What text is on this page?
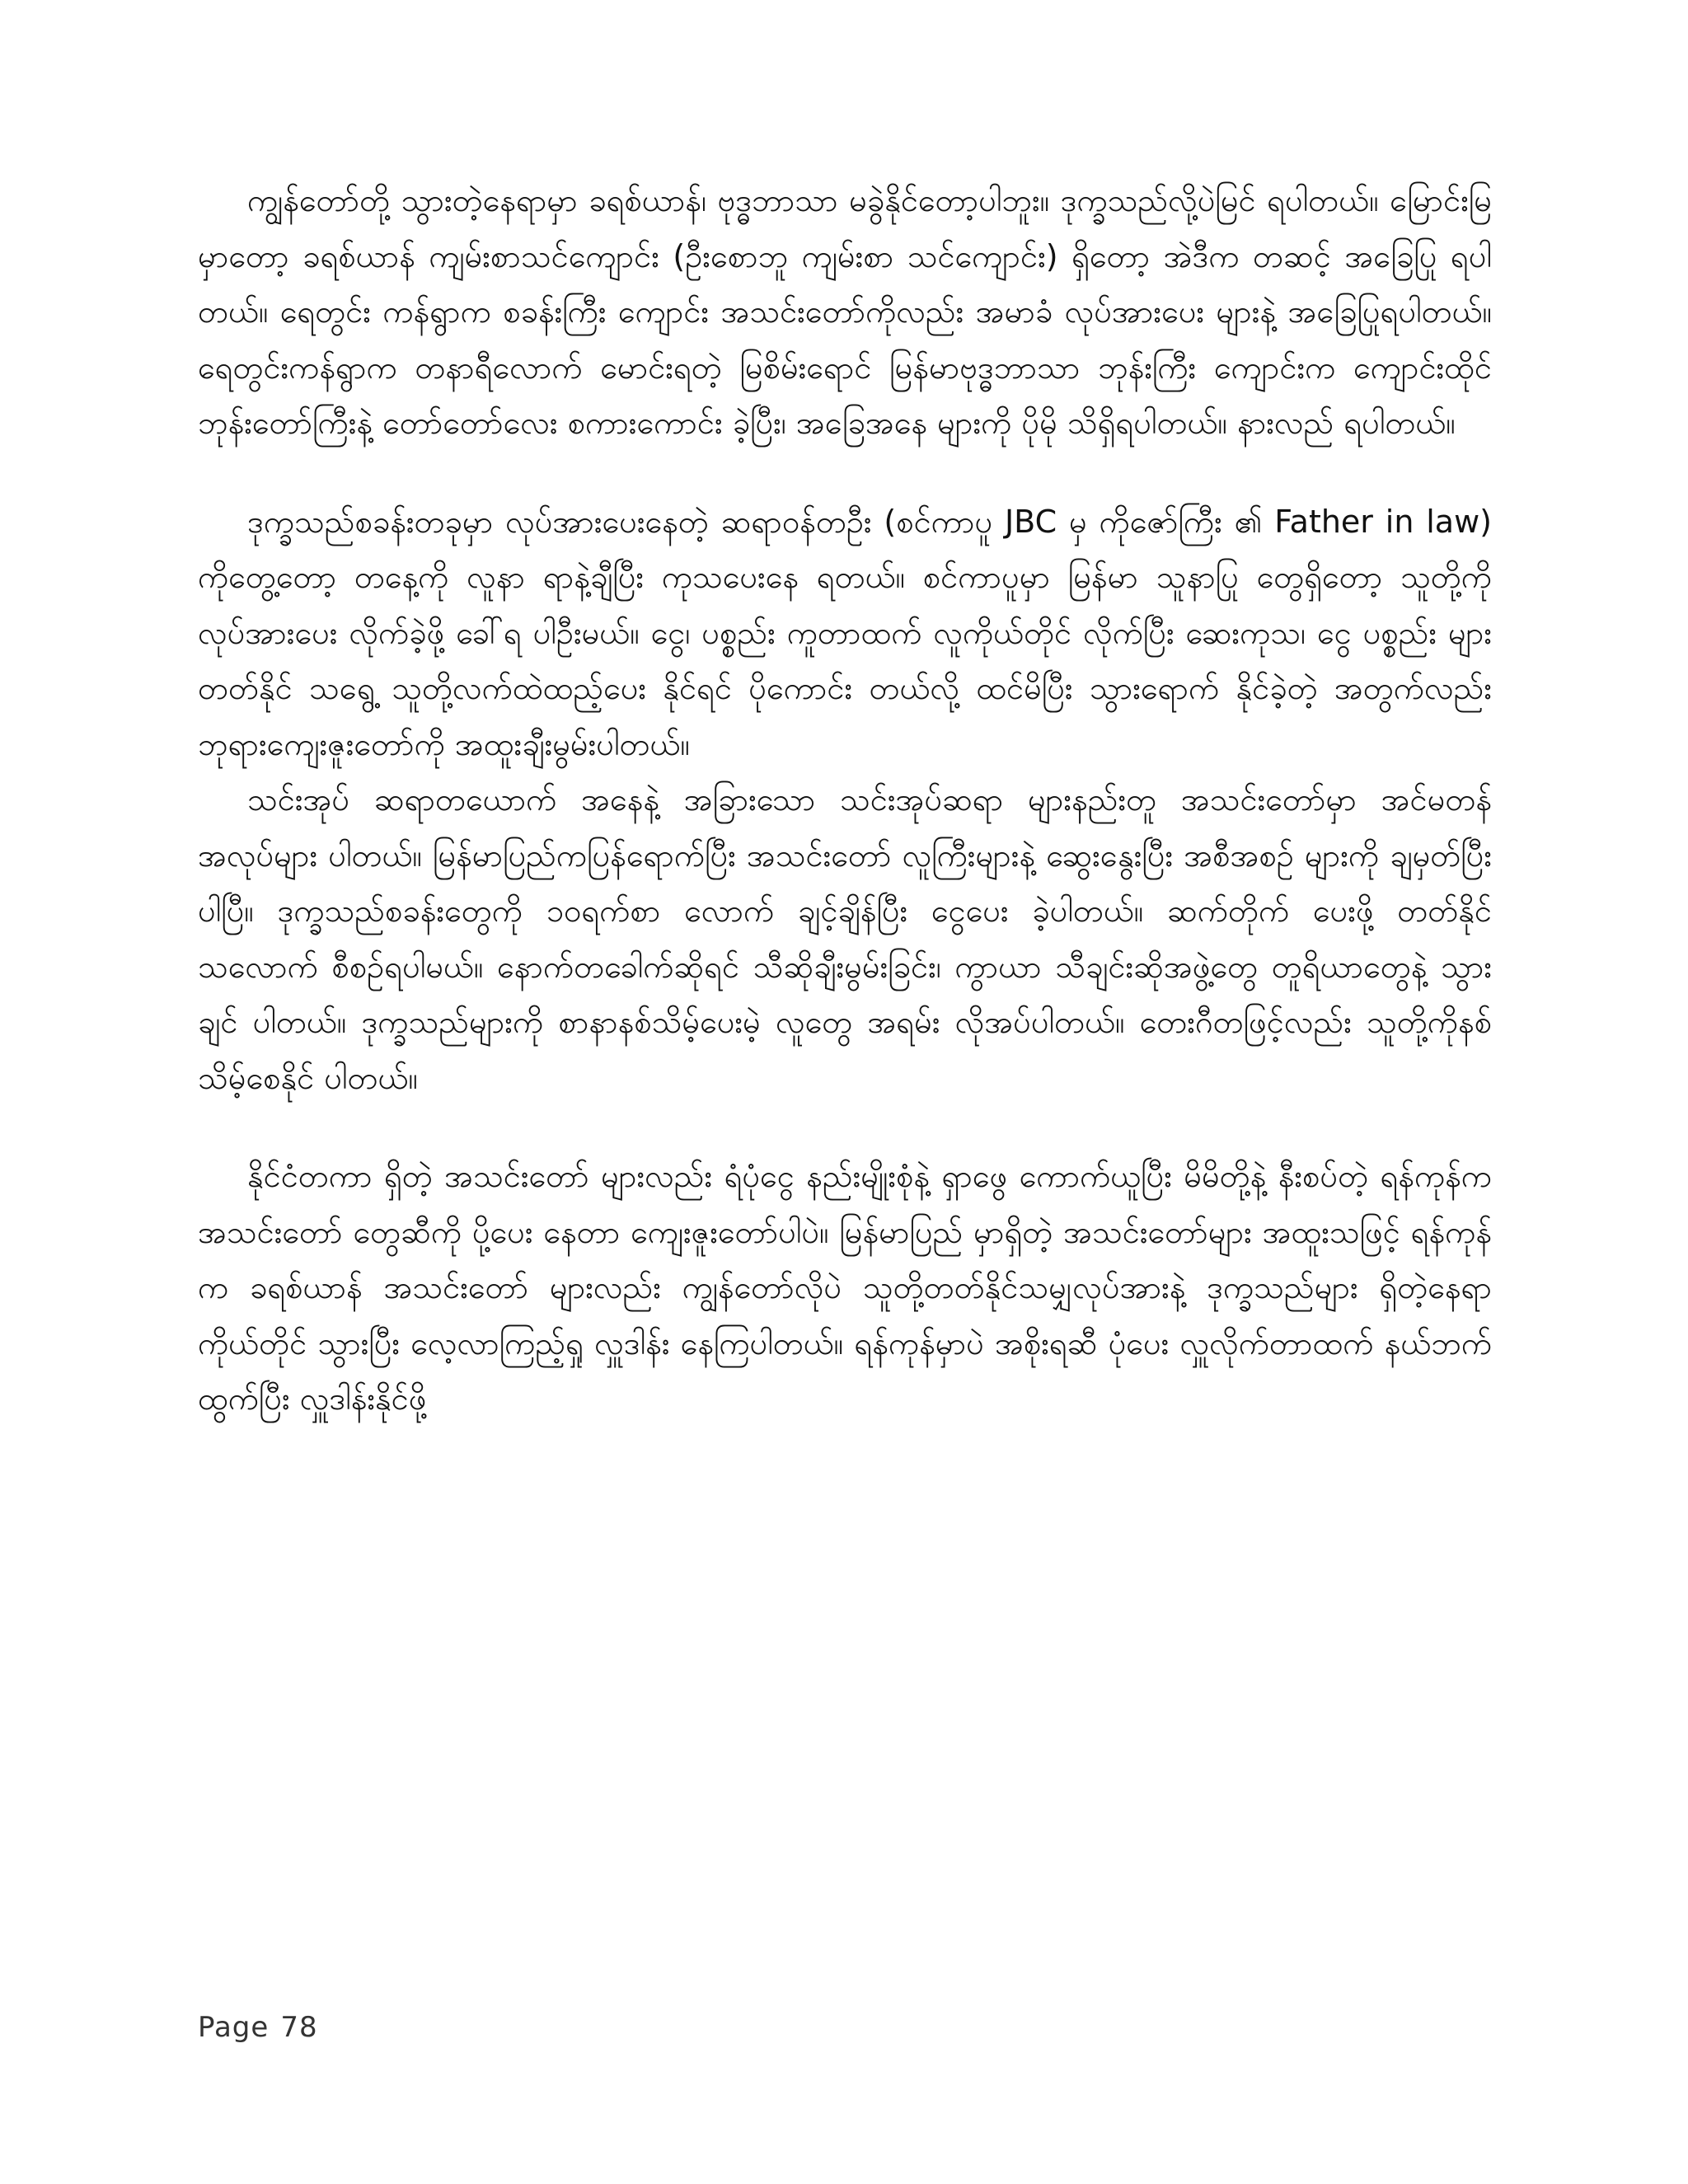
ကျွန်တော်တို့ သွားတဲ့နေရာမှာ ခရစ်ယာန်၊ ဗုဒ္ဓဘာသာ မခွဲနိုင်တော့ပါဘူး။ ဒုက္ခသည်လို့ပဲမြင် ရပါတယ်။ မြောင်းမြ မှာတော့ ခရစ်ယာန် ကျမ်းစာသင်ကျောင်း (ဦးစောဘူ ကျမ်းစာ သင်ကျောင်း) ရှိတော့ အဲဒီက တဆင့် အခြေပြု ရပါတယ်။ ရေတွင်း ကန်ရွာက စခန်းကြီး ကျောင်း အသင်းတော်ကိုလည်း အမာခံ လုပ်အားပေး များနဲ့ အခြေပြုရပါတယ်။ ရေတွင်းကန်ရွာက တနာရီလောက် မောင်းရတဲ့ မြစိမ်းရောင် မြန်မာဗုဒ္ဓဘာသာ ဘုန်းကြီး ကျောင်းက ကျောင်းထိုင် ဘုန်းတော်ကြီးနဲ့ တော်တော်လေး စကားကောင်း ခဲ့ပြီး၊ အခြေအနေ များကို ပိုမို သိရှိရပါတယ်။ နားလည် ရပါတယ်။

ဒုက္ခသည်စခန်းတခုမှာ လုပ်အားပေးနေတဲ့ ဆရာဝန်တဦး (စင်ကာပူ JBC မှ ကိုဇော်ကြီး ၏ Father in law) ကိုတွေ့တော့ တနေ့ကို လူနာ ရာနဲ့ချီပြီး ကုသပေးနေ ရတယ်။ စင်ကာပူမှာ မြန်မာ သူနာပြု တွေရှိတော့ သူတို့ကို လုပ်အားပေး လိုက်ခဲ့ဖို့ ခေါ်ရ ပါဦးမယ်။ ငွေ၊ ပစ္စည်း ကူတာထက် လူကိုယ်တိုင် လိုက်ပြီး ဆေးကုသ၊ ငွေ ပစ္စည်း များ တတ်နိုင် သရွေ့ သူတို့လက်ထဲထည့်ပေး နိုင်ရင် ပိုကောင်း တယ်လို့ ထင်မိပြီး သွားရောက် နိုင်ခဲ့တဲ့ အတွက်လည်း ဘုရားကျေးဇူးတော်ကို အထူးချီးမွမ်းပါတယ်။

သင်းအုပ် ဆရာတယောက် အနေနဲ့ အခြားသော သင်းအုပ်ဆရာ များနည်းတူ အသင်းတော်မှာ အင်မတန် အလုပ်များ ပါတယ်။ မြန်မာပြည်ကပြန်ရောက်ပြီး အသင်းတော် လူကြီးများနဲ့ ဆွေးနွေးပြီး အစီအစဉ် များကို ချမှတ်ပြီးပါပြီ။ ဒုက္ခသည်စခန်းတွေကို ၁၀ရက်စာ လောက် ချင့်ချိန်ပြီး ငွေပေး ခဲ့ပါတယ်။ ဆက်တိုက် ပေးဖို့ တတ်နိုင် သလောက် စီစဉ်ရပါမယ်။ နောက်တခေါက်ဆိုရင် သီဆိုချီးမွမ်းခြင်း၊ ကွာယာ သီချင်းဆိုအဖွဲ့တွေ တူရိယာတွေနဲ့ သွားချင် ပါတယ်။ ဒုက္ခသည်များကို စာနာနစ်သိမ့်ပေးမဲ့ လူတွေ အရမ်း လိုအပ်ပါတယ်။ တေးဂီတဖြင့်လည်း သူတို့ကိုနစ်သိမ့်စေနိုင် ပါတယ်။

နိုင်ငံတကာ ရှိတဲ့ အသင်းတော် များလည်း ရံပုံငွေ နည်းမျိုးစုံနဲ့ ရှာဖွေ ကောက်ယူပြီး မိမိတို့နဲ့ နီးစပ်တဲ့ ရန်ကုန်က အသင်းတော် တွေဆီကို ပို့ပေး နေတာ ကျေးဇူးတော်ပါပဲ။ မြန်မာပြည် မှာရှိတဲ့ အသင်းတော်များ အထူးသဖြင့် ရန်ကုန်က ခရစ်ယာန် အသင်းတော် များလည်း ကျွန်တော်လိုပဲ သူတို့တတ်နိုင်သမျှလုပ်အားနဲ့ ဒုက္ခသည်များ ရှိတဲ့နေရာ ကိုယ်တိုင် သွားပြီး လေ့လာကြည့်ရှု လှူဒါန်း နေကြပါတယ်။ ရန်ကုန်မှာပဲ အစိုးရဆီ ပုံပေး လှူလိုက်တာထက် နယ်ဘက်ထွက်ပြီး လှူဒါန်းနိုင်ဖို့

Page 78
